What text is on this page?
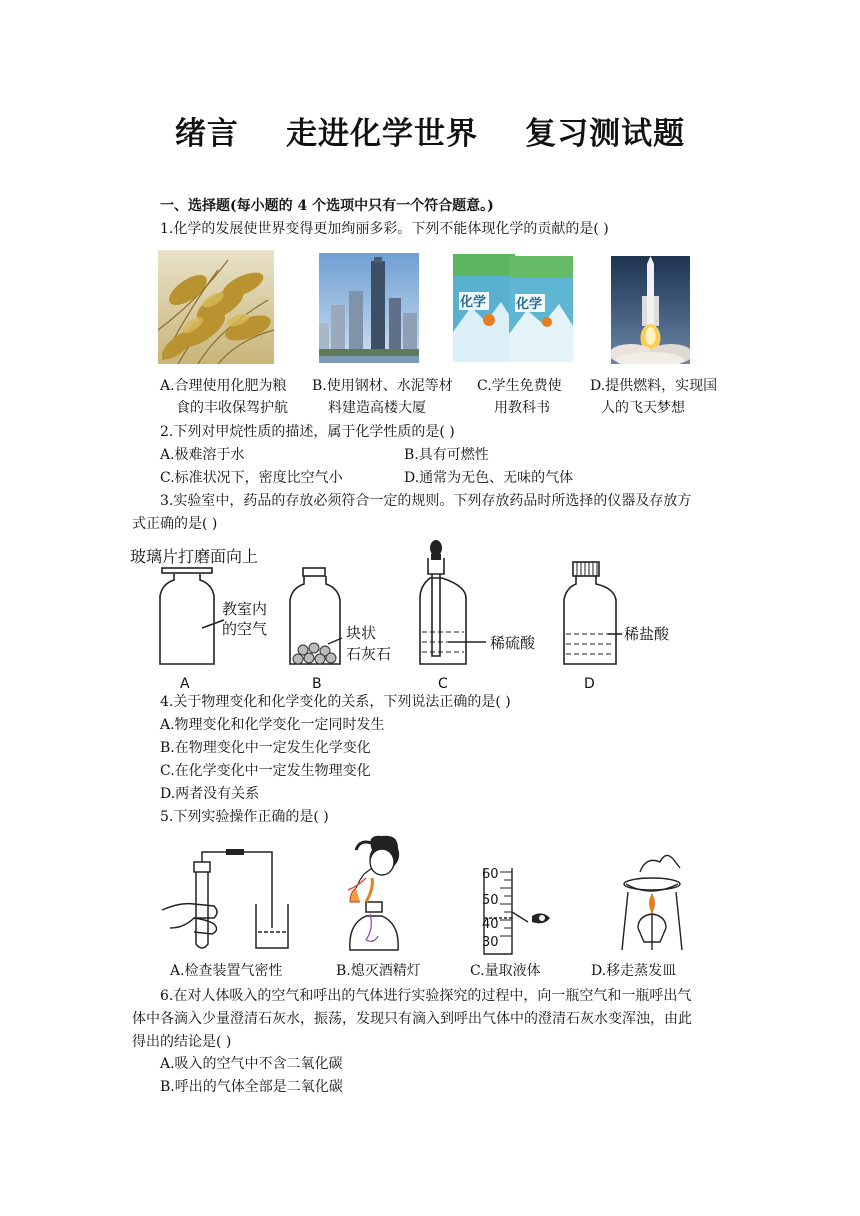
绪言    走进化学世界    复习测试题
一、选择题(每小题的 4 个选项中只有一个符合题意。)
1.化学的发展使世界变得更加绚丽多彩。下列不能体现化学的贡献的是( )
化学 化学
A.合理使用化肥为粮
食的丰收保驾护航
B.使用钢材、水泥等材
料建造高楼大厦
C.学生免费使
用教科书
D.提供燃料，实现国
人的飞天梦想
2.下列对甲烷性质的描述，属于化学性质的是( )
A.极难溶于水	B.具有可燃性
C.标准状况下，密度比空气小	D.通常为无色、无味的气体
3.实验室中，药品的存放必须符合一定的规则。下列存放药品时所选择的仪器及存放方
式正确的是( )
玻璃片打磨面向上
教室内
的空气	块状
石灰石
稀硫酸	稀盐酸
A	B	C	D
4.关于物理变化和化学变化的关系，下列说法正确的是( )
A.物理变化和化学变化一定同时发生
B.在物理变化中一定发生化学变化
C.在化学变化中一定发生物理变化
D.两者没有关系
5.下列实验操作正确的是( )
60
50
40
30
A.检查装置气密性	B.熄灭酒精灯	C.量取液体	D.移走蒸发皿
6.在对人体吸入的空气和呼出的气体进行实验探究的过程中，向一瓶空气和一瓶呼出气
体中各滴入少量澄清石灰水，振荡，发现只有滴入到呼出气体中的澄清石灰水变浑浊，由此
得出的结论是( )
A.吸入的空气中不含二氧化碳
B.呼出的气体全部是二氧化碳
